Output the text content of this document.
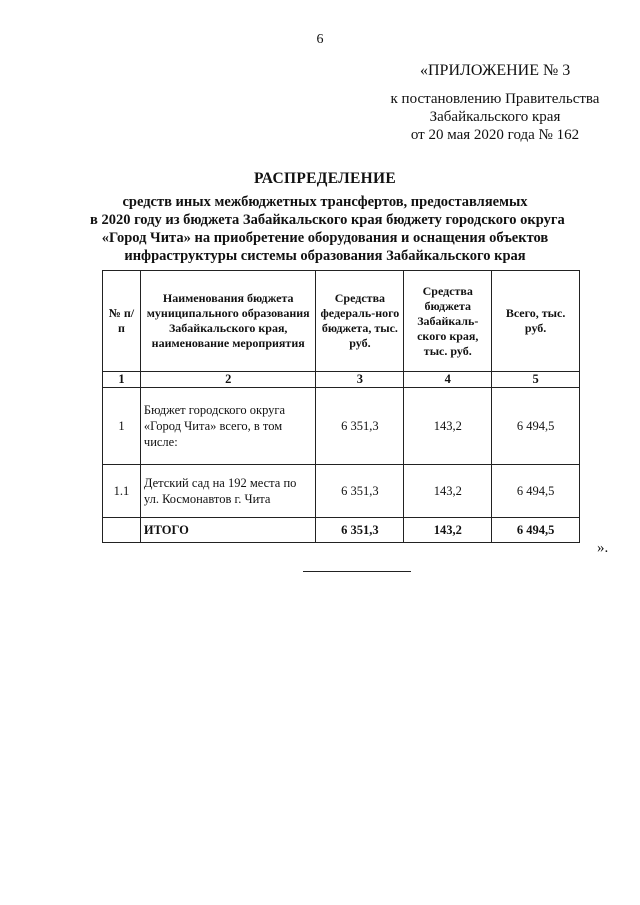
6
«ПРИЛОЖЕНИЕ № 3
к постановлению Правительства
Забайкальского края
от 20 мая 2020 года № 162
РАСПРЕДЕЛЕНИЕ
средств иных межбюджетных трансфертов, предоставляемых
в 2020 году из бюджета Забайкальского края бюджету городского округа
«Город Чита» на приобретение оборудования и оснащения объектов
инфраструктуры системы образования Забайкальского края
№ п/п	Наименования бюджета муниципального образования Забайкальского края, наименование мероприятия	Средства федераль-ного бюджета, тыс. руб.	Средства бюджета Забайкаль-ского края, тыс. руб.	Всего, тыс. руб.
1	2	3	4	5
1	Бюджет городского округа «Город Чита» всего, в том числе:	6 351,3	143,2	6 494,5
1.1	Детский сад на 192 места по ул. Космонавтов г. Чита	6 351,3	143,2	6 494,5
	ИТОГО	6 351,3	143,2	6 494,5
».
